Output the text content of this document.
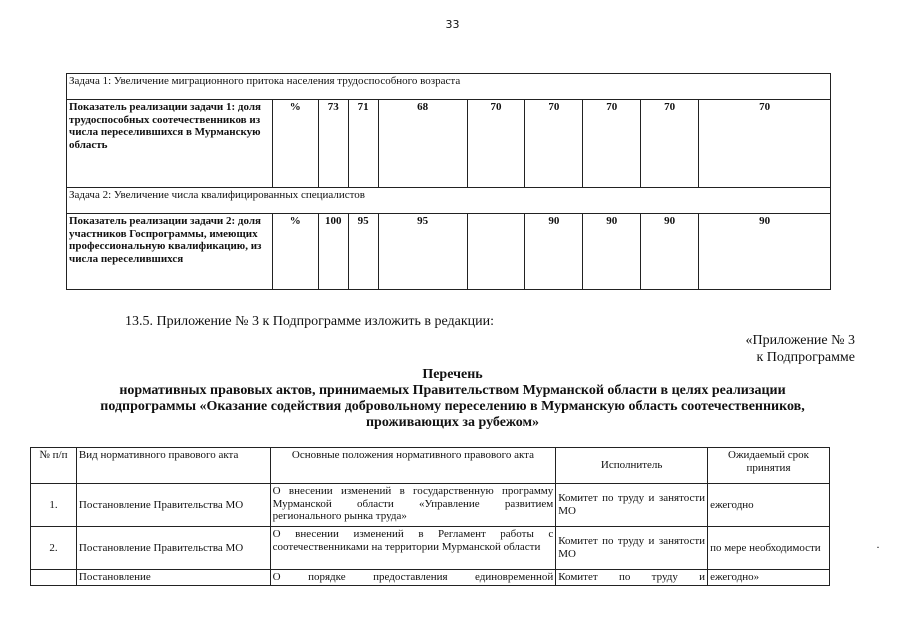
33
Задача 1: Увеличение миграционного притока населения трудоспособного возраста									
Показатель реализации задачи 1: доля трудоспособных соотечественников из числа переселившихся в Мурманскую область	%	73	71	68	70	70	70	70	70
Задача 2: Увеличение числа квалифицированных специалистов									
Показатель реализации задачи 2: доля участников Госпрограммы, имеющих профессиональную квалификацию, из числа переселившихся	%	100	95	95		90	90	90	90
13.5. Приложение № 3 к Подпрограмме изложить в редакции:
«Приложение № 3
к Подпрограмме
Перечень
нормативных правовых актов, принимаемых Правительством Мурманской области в целях реализации
подпрограммы «Оказание содействия добровольному переселению в Мурманскую область соотечественников,
проживающих за рубежом»
№ п/п	Вид нормативного правового акта	Основные положения нормативного правового акта	Исполнитель	Ожидаемый срок принятия
1.	Постановление Правительства МО	О внесении изменений в государственную программу Мурманской области «Управление развитием регионального рынка труда»	Комитет по труду и занятости МО	ежегодно
2.	Постановление Правительства МО	О внесении изменений в Регламент работы с соотечественниками на территории Мурманской области	Комитет по труду и занятости МО	по мере необходимости
	Постановление	О порядке предоставления единовременной	Комитет по труду и	ежегодно»
·
